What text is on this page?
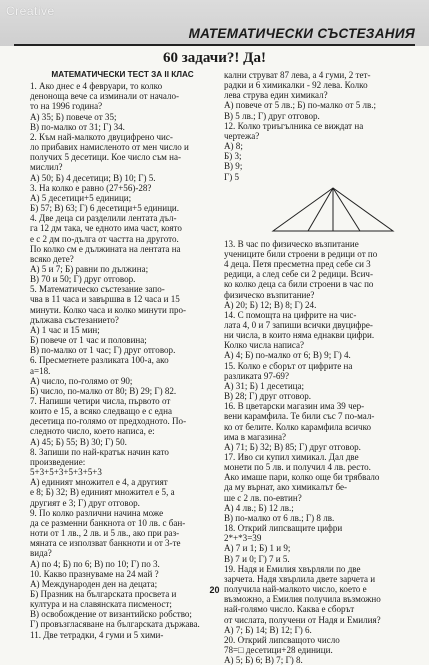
Creative
МАТЕМАТИЧЕСКИ СЪСТЕЗАНИЯ
60 задачи?! Да!

МАТЕМАТИЧЕСКИ ТЕСТ ЗА II КЛАС

1. Ако днес е 4 февруари, то колко

деноноща вече са изминали от начало-

то на 1996 година?

А) 35; Б) повече от 35;

В) по-малко от 31; Г) 34.

2. Към най-малкото двуцифрено чис-

ло прибавих намисленото от мен число и

получих 5 десетици. Кое число съм на-

мислил?

А) 50; Б) 4 десетици; В) 10; Г) 5.

3. На колко е равно (27+56)-28?

А) 5 десетици+5 единици;

Б) 57; В) 63; Г) 6 десетици+5 единици.

4. Две деца си разделили лентата дъл-

га 12 дм така, че едното има част, която

е с 2 дм по-дълга от частта на другото.

По колко см е дължината на лентата на

всяко дете?

А) 5 и 7; Б) равни по дължина;

В) 70 и 50; Г) друг отговор.

5. Математическо състезание запо-

чва в 11 часа и завършва в 12 часа и 15

минути. Колко часа и колко минути про-

дължава състезанието?

А) 1 час и 15 мин;

Б) повече от 1 час и половина;

В) по-малко от 1 час; Г) друг отговор.

6. Пресметнете разликата 100-а, ако

а=18.

А) число, по-голямо от 90;

Б) число, по-малко от 80; В) 29; Г) 82.

7. Напиши четири числа, първото от

които е 15, а всяко следващо е с една

десетица по-голямо от предходното. По-

следното число, което написа, е:

А) 45; Б) 55; В) 30; Г) 50.

8. Запиши по най-кратък начин като

произведение:

5+3+5+3+5+3+5+3

А) единият множител е 4, а другият

е 8; Б) 32; В) единият множител е 5, а

другият е 3; Г) друг отговор.

9. По колко различни начина може

да се разменни банкнота от 10 лв. с бан-

ноти от 1 лв., 2 лв. и 5 лв., ако при раз-

мяната се използват банкноти и от 3-те

вида?

А) по 4; Б) по 6; В) по 10; Г) по 3.

10. Какво празнуваме на 24 май ?

А) Международен ден на децата;

Б) Празник на българската просвета и

култура и на славянската писменост;

В) освобождение от византийско робство;

Г) провъзгласяване на българската държава.

11. Две тетрадки, 4 гуми и 5 хими-

кални струват 87 лева, а 4 гуми, 2 тет-

радки и 6 химикалки - 92 лева. Колко

лева струва един химикал?

А) повече от 5 лв.; Б) по-малко от 5 лв.;

В) 5 лв.; Г) друг отговор.

12. Колко триъгълника се виждат на

чертежа?

А) 8;

Б) 3;

В) 9;

Г) 5

13. В час по физическо възпитание

учениците били строени в редици от по

4 деца. Петя пресметна пред себе си 3

редици, а след себе си 2 редици. Всич-

ко колко деца са били строени в час по

физическо възпитание?

А) 20; Б) 12; В) 8; Г) 24.

14. С помощта на цифрите на чис-

лата 4, 0 и 7 запиши всички двуцифре-

ни числа, в които няма еднакви цифри.

Колко числа написа?

А) 4; Б) по-малко от 6; В) 9; Г) 4.

15. Колко е сборът от цифрите на

разликата 97-69?

А) 31; Б) 1 десетица;

В) 28; Г) друг отговор.

16. В цветарски магазин има 39 чер-

вени карамфила. Те били със 7 по-мал-

ко от белите. Колко карамфила всичко

има в магазина?

А) 71; Б) 32; В) 85; Г) друг отговор.

17. Иво си купил химикал. Дал две

монети по 5 лв. и получил 4 лв. ресто.

Ако имаше пари, колко още би трябвало

да му върнат, ако химикалът бе-

ше с 2 лв. по-евтин?

А) 4 лв.; Б) 12 лв.;

В) по-малко от 6 лв.; Г) 8 лв.

18. Открий липсващите цифри

2*+*3=39

А) 7 и 1; Б) 1 и 9;

В) 7 и 0; Г) 7 и 5.

19. Надя и Емилия хвърляли по две

зарчета. Надя хвърлила двете зарчета и

получила най-малкото число, което е

възможно, а Емилия получила възможно

най-голямо число. Каква е сборът

от числата, получени от Надя и Емилия?

А) 7; Б) 14; В) 12; Г) 6.

20. Открий липсващото число

78=□ десетици+28 единици.

А) 5; Б) 6; В) 7; Г) 8.

20
